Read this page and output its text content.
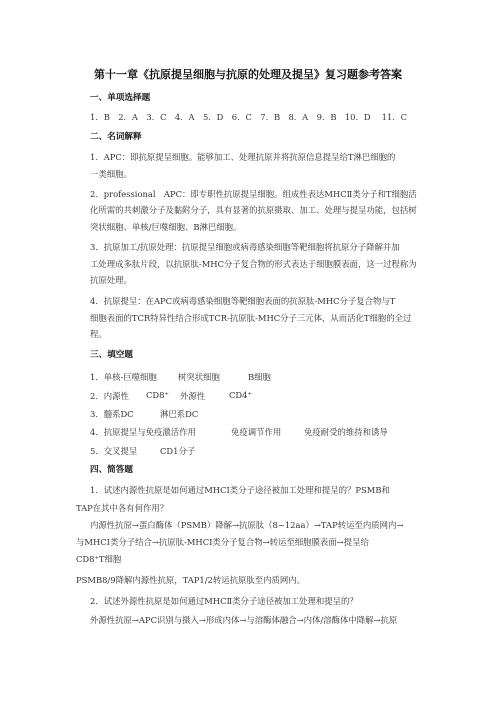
第十一章《抗原提呈细胞与抗原的处理及提呈》复习题参考答案
一、单项选择题
1．B　2．A　3．C　4．A　5．D　6．C　7．B　8．A　9．B　10．D　 11．C
二、名词解释
1．APC：即抗原提呈细胞。能够加工、处理抗原并将抗原信息提呈给T淋巴细胞的
一类细胞。
2．professional　APC：即专职性抗原提呈细胞。组成性表达MHCⅡ类分子和T细胞活
化所需的共刺激分子及黏附分子，具有显著的抗原摄取、加工、处理与提呈功能，包括树
突状细胞、单核/巨噬细胞、B淋巴细胞。
3．抗原加工/抗原处理：抗原提呈细胞或病毒感染细胞等靶细胞将抗原分子降解并加
工处理成多肽片段，以抗原肽-MHC分子复合物的形式表达于细胞膜表面，这一过程称为
抗原处理。
4．抗原提呈：在APC或病毒感染细胞等靶细胞表面的抗原肽-MHC分子复合物与T
细胞表面的TCR特异性结合形成TCR-抗原肽-MHC分子三元体，从而活化T细胞的全过
程。
三、填空题
1．单核-巨噬细胞	树突状细胞	B细胞
2．内源性 CD8⁺ 外源性	CD4⁺
3．髓系DC	淋巴系DC
4．抗原提呈与免疫激活作用	免疫调节作用	免疫耐受的维持和诱导
5．交叉提呈	CD1分子
四、简答题
1．试述内源性抗原是如何通过MHCⅠ类分子途径被加工处理和提呈的？PSMB和
TAP在其中各有何作用？
内源性抗原→蛋白酶体（PSMB）降解→抗原肽（8~12aa）→TAP转运至内质网内→
与MHCⅠ类分子结合→抗原肽-MHCⅠ类分子复合物→转运至细胞膜表面→提呈给
CD8⁺T细胞
PSMB8/9降解内源性抗原，TAP1/2转运抗原肽至内质网内。
2．试述外源性抗原是如何通过MHCⅡ类分子途径被加工处理和提呈的？
外源性抗原→APC识别与摄入→形成内体→与溶酶体融合→内体/溶酶体中降解→抗原
